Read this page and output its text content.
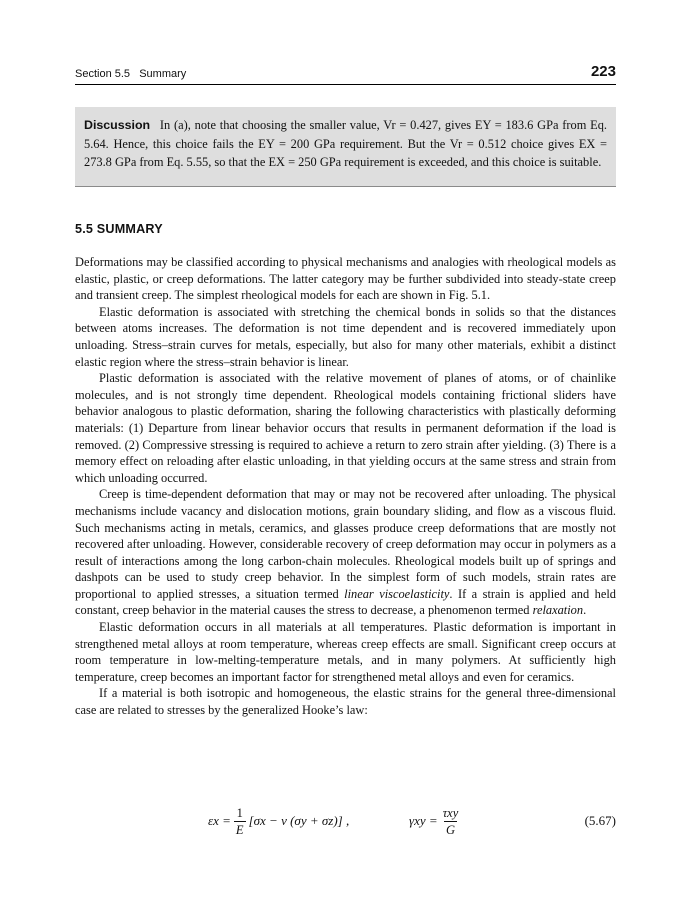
Section 5.5   Summary	223
Discussion In (a), note that choosing the smaller value, Vr = 0.427, gives EY = 183.6 GPa from Eq. 5.64. Hence, this choice fails the EY = 200 GPa requirement. But the Vr = 0.512 choice gives EX = 273.8 GPa from Eq. 5.55, so that the EX = 250 GPa requirement is exceeded, and this choice is suitable.
5.5 SUMMARY

Deformations may be classified according to physical mechanisms and analogies with rheological models as elastic, plastic, or creep deformations. The latter category may be further subdivided into steady-state creep and transient creep. The simplest rheological models for each are shown in Fig. 5.1.

Elastic deformation is associated with stretching the chemical bonds in solids so that the distances between atoms increases. The deformation is not time dependent and is recovered immediately upon unloading. Stress–strain curves for metals, especially, but also for many other materials, exhibit a distinct elastic region where the stress–strain behavior is linear.

Plastic deformation is associated with the relative movement of planes of atoms, or of chainlike molecules, and is not strongly time dependent. Rheological models containing frictional sliders have behavior analogous to plastic deformation, sharing the following characteristics with plastically deforming materials: (1) Departure from linear behavior occurs that results in permanent deformation if the load is removed. (2) Compressive stressing is required to achieve a return to zero strain after yielding. (3) There is a memory effect on reloading after elastic unloading, in that yielding occurs at the same stress and strain from which unloading occurred.

Creep is time-dependent deformation that may or may not be recovered after unloading. The physical mechanisms include vacancy and dislocation motions, grain boundary sliding, and flow as a viscous fluid. Such mechanisms acting in metals, ceramics, and glasses produce creep deformations that are mostly not recovered after unloading. However, considerable recovery of creep deformation may occur in polymers as a result of interactions among the long carbon-chain molecules. Rheological models built up of springs and dashpots can be used to study creep behavior. In the simplest form of such models, strain rates are proportional to applied stresses, a situation termed linear viscoelasticity. If a strain is applied and held constant, creep behavior in the material causes the stress to decrease, a phenomenon termed relaxation.

Elastic deformation occurs in all materials at all temperatures. Plastic deformation is important in strengthened metal alloys at room temperature, whereas creep effects are small. Significant creep occurs at room temperature in low-melting-temperature metals, and in many polymers. At sufficiently high temperature, creep becomes an important factor for strengthened metal alloys and even for ceramics.

If a material is both isotropic and homogeneous, the elastic strains for the general three-dimensional case are related to stresses by the generalized Hooke’s law:

$\varepsilon x = \frac{1}{E} [\sigma x - \nu$ (σy + σz)] ,	$\gamma xy = \frac{\text{τxy}}{G}$	(5.67)
